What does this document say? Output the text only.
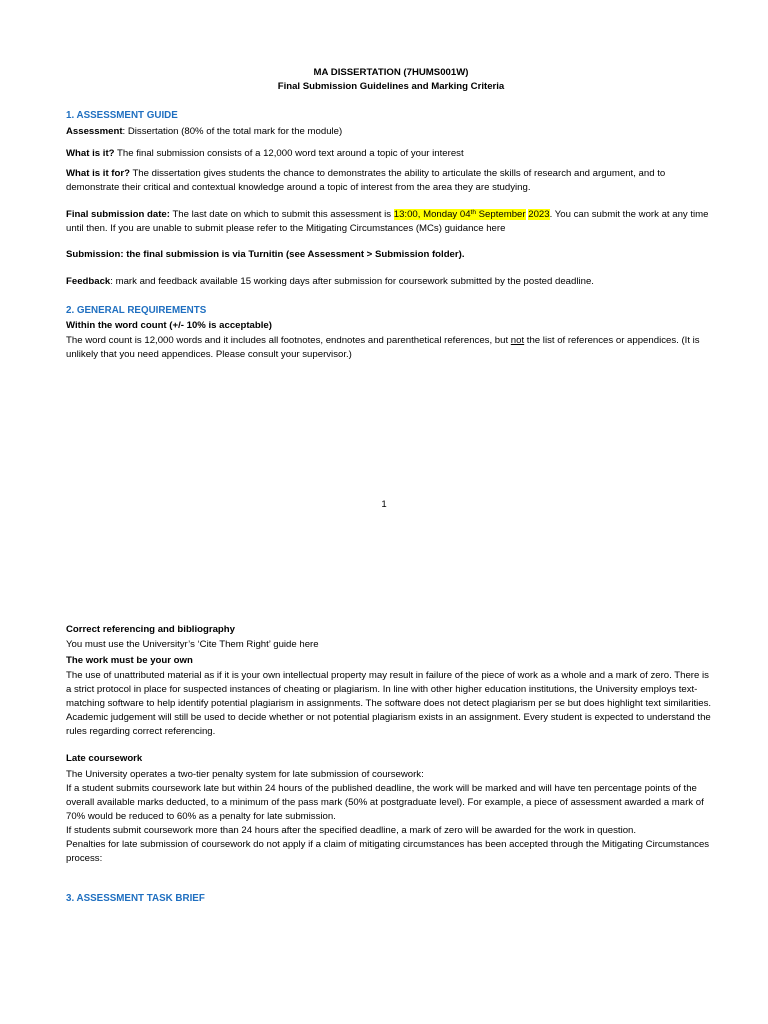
MA DISSERTATION (7HUMS001W)

Final Submission Guidelines and Marking Criteria

1. ASSESSMENT GUIDE

Assessment: Dissertation (80% of the total mark for the module)

What is it? The final submission consists of a 12,000 word text around a topic of your interest

What is it for? The dissertation gives students the chance to demonstrates the ability to articulate the skills of research and argument, and to demonstrate their critical and contextual knowledge around a topic of interest from the area they are studying.

Final submission date: The last date on which to submit this assessment is 13:00, Monday 04th September 2023. You can submit the work at any time until then. If you are unable to submit please refer to the Mitigating Circumstances (MCs) guidance here

Submission: the final submission is via Turnitin (see Assessment > Submission folder).

Feedback: mark and feedback available 15 working days after submission for coursework submitted by the posted deadline.

2. GENERAL REQUIREMENTS

Within the word count (+/- 10% is acceptable)

The word count is 12,000 words and it includes all footnotes, endnotes and parenthetical references, but not the list of references or appendices. (It is unlikely that you need appendices. Please consult your supervisor.)

1

Correct referencing and bibliography

You must use the Universityr’s ‘Cite Them Right’ guide here

The work must be your own

The use of unattributed material as if it is your own intellectual property may result in failure of the piece of work as a whole and a mark of zero. There is a strict protocol in place for suspected instances of cheating or plagiarism. In line with other higher education institutions, the University employs text-matching software to help identify potential plagiarism in assignments. The software does not detect plagiarism per se but does highlight text similarities. Academic judgement will still be used to decide whether or not potential plagiarism exists in an assignment. Every student is expected to understand the rules regarding correct referencing.

Late coursework

The University operates a two-tier penalty system for late submission of coursework:

If a student submits coursework late but within 24 hours of the published deadline, the work will be marked and will have ten percentage points of the overall available marks deducted, to a minimum of the pass mark (50% at postgraduate level). For example, a piece of assessment awarded a mark of 70% would be reduced to 60% as a penalty for late submission.

If students submit coursework more than 24 hours after the specified deadline, a mark of zero will be awarded for the work in question.

Penalties for late submission of coursework do not apply if a claim of mitigating circumstances has been accepted through the Mitigating Circumstances process:

3. ASSESSMENT TASK BRIEF
